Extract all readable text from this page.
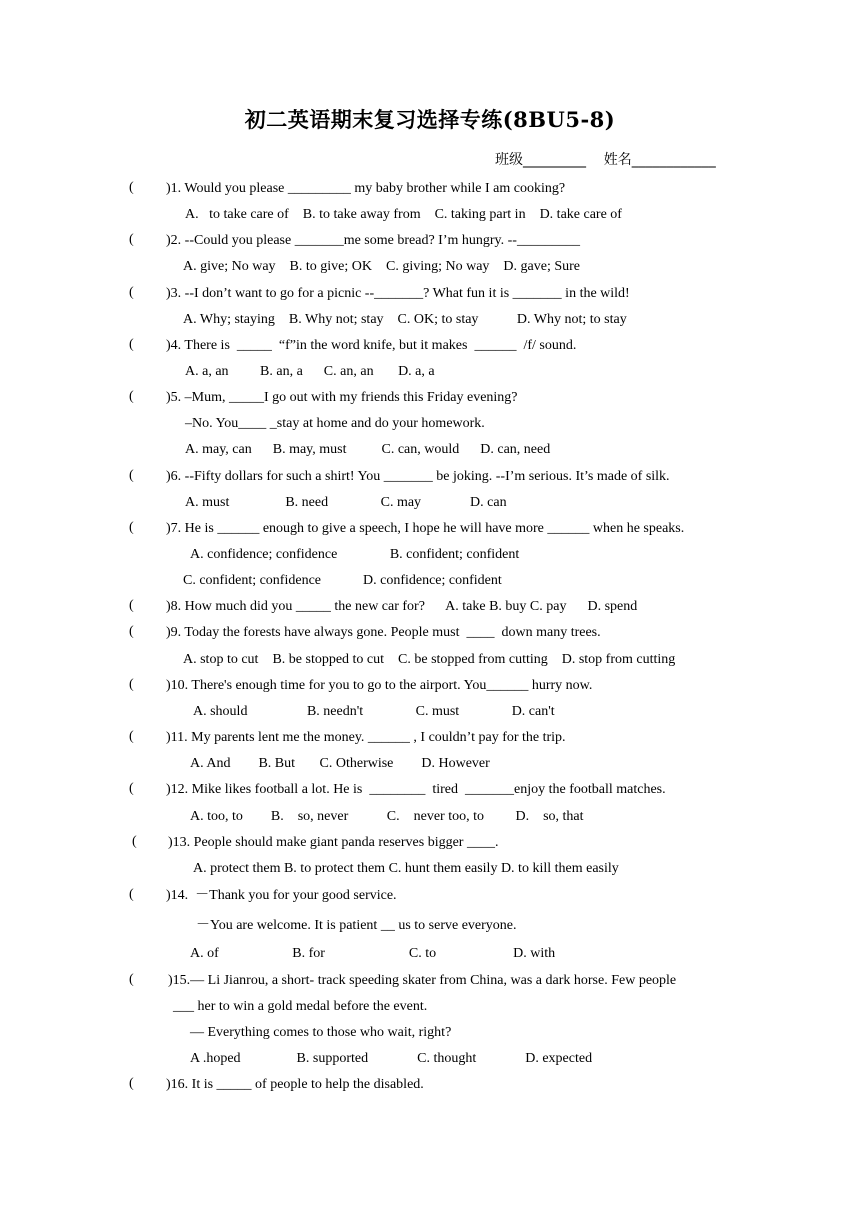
初二英语期末复习选择专练(8BU5-8)
班级_________    姓名____________
( )1. Would you please _________ my baby brother while I am cooking?
A.   to take care of    B. to take away from    C. taking part in    D. take care of
( )2. --Could you please _______me some bread? I’m hungry. --_________
A. give; No way    B. to give; OK    C. giving; No way    D. gave; Sure
( )3. --I don’t want to go for a picnic --_______? What fun it is _______ in the wild!
A. Why; staying    B. Why not; stay    C. OK; to stay           D. Why not; to stay
( )4. There is  _____  “f”in the word knife, but it makes  ______  /f/ sound.
A. a, an         B. an, a      C. an, an       D. a, a
( )5. –Mum, _____I go out with my friends this Friday evening?
–No. You____ _stay at home and do your homework.
A. may, can      B. may, must          C. can, would      D. can, need
( )6. --Fifty dollars for such a shirt! You _______ be joking. --I’m serious. It’s made of silk.
A. must                B. need               C. may              D. can
( )7. He is ______ enough to give a speech, I hope he will have more ______ when he speaks.
A. confidence; confidence               B. confident; confident
C. confident; confidence            D. confidence; confident
( )8. How much did you _____ the new car for?      A. take B. buy C. pay      D. spend
( )9. Today the forests have always gone. People must  ____  down many trees.
A. stop to cut    B. be stopped to cut    C. be stopped from cutting    D. stop from cutting
( )10. There's enough time for you to go to the airport. You______ hurry now.
A. should                 B. needn't               C. must               D. can't
( )11. My parents lent me the money. ______ , I couldn’t pay for the trip.
A. And        B. But       C. Otherwise        D. However
( )12. Mike likes football a lot. He is  ________  tired  _______enjoy the football matches.
A. too, to        B.    so, never           C.    never too, to         D.    so, that
( )13. People should make giant panda reserves bigger ____.
A. protect them B. to protect them C. hunt them easily D. to kill them easily
( )14.  －Thank you for your good service.
－You are welcome. It is patient __ us to serve everyone.
A. of                     B. for                        C. to                      D. with
( )15.— Li Jianrou, a short- track speeding skater from China, was a dark horse. Few people
___ her to win a gold medal before the event.
— Everything comes to those who wait, right?
A .hoped                B. supported              C. thought              D. expected
( )16. It is _____ of people to help the disabled.
